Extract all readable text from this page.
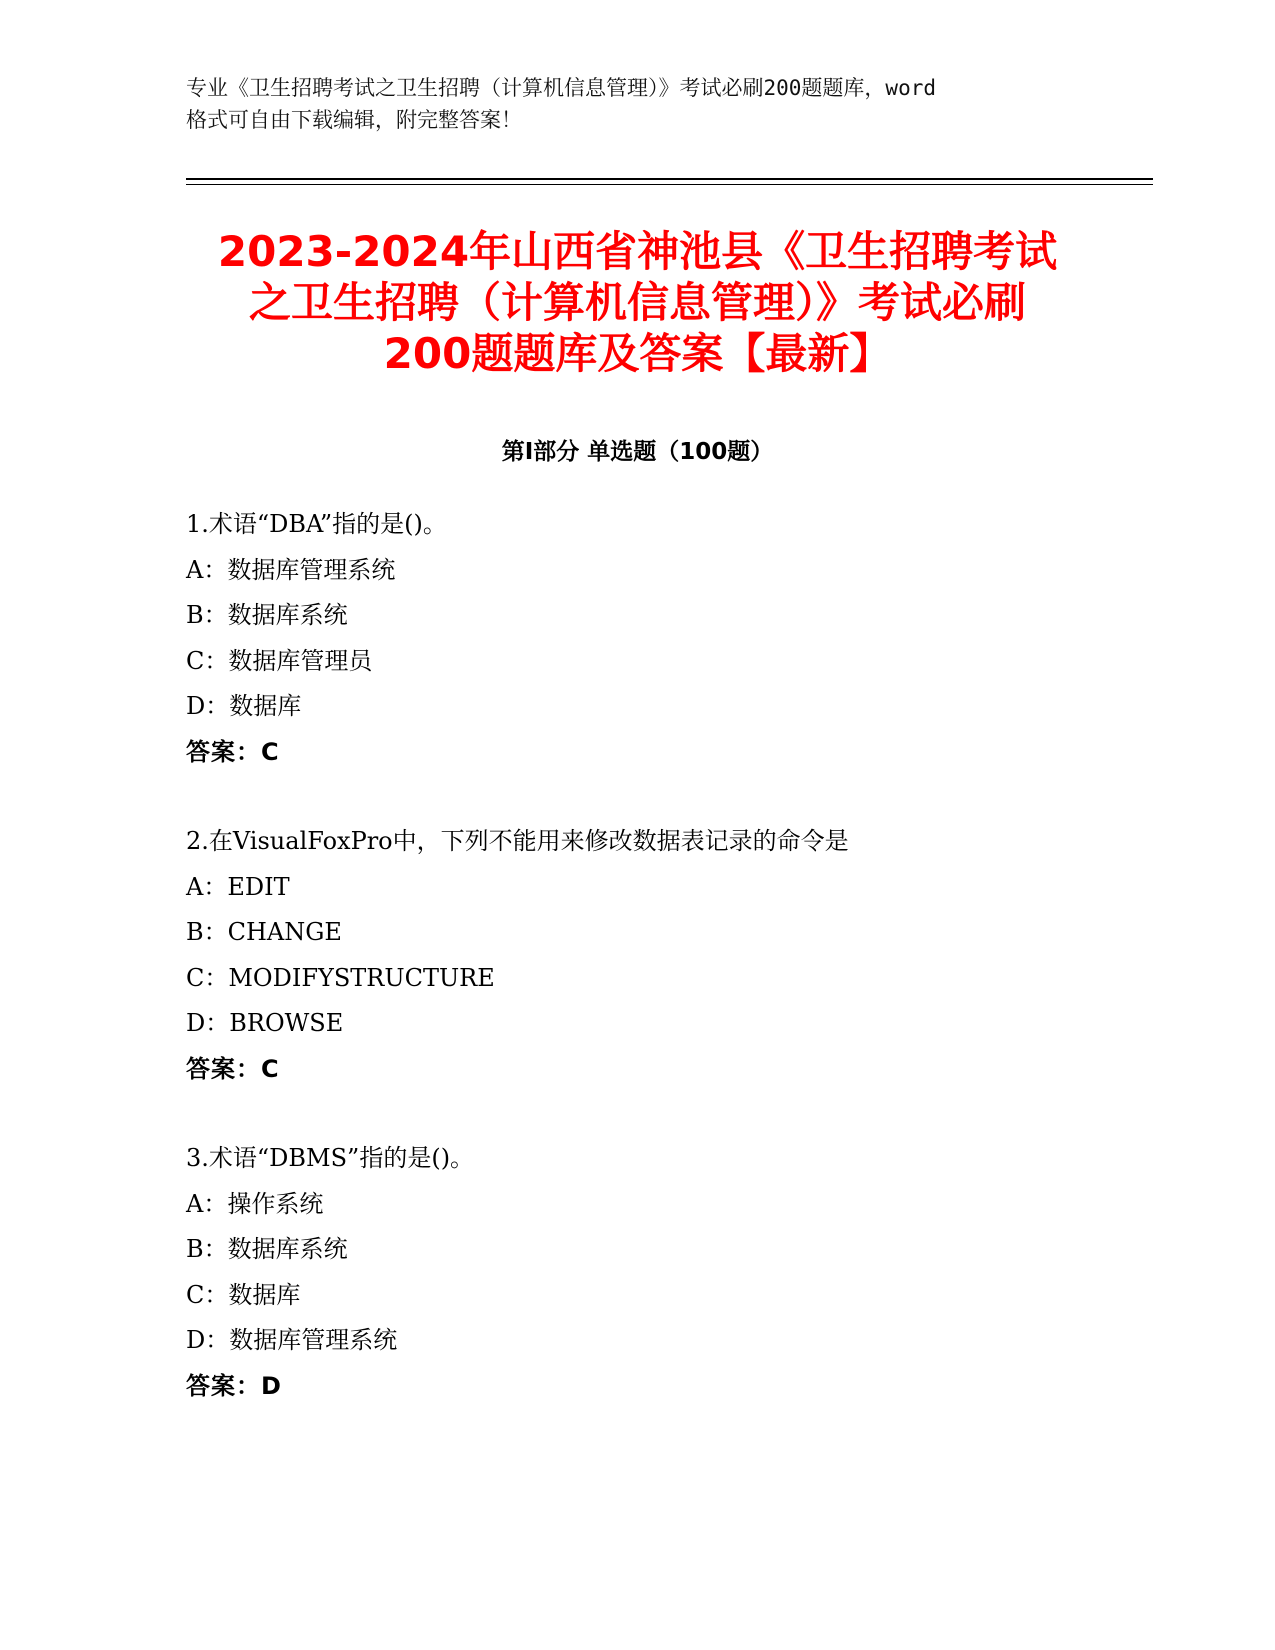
专业《卫生招聘考试之卫生招聘（计算机信息管理）》考试必刷200题题库，word
格式可自由下载编辑，附完整答案！
2023-2024年山西省神池县《卫生招聘考试
之卫生招聘（计算机信息管理）》考试必刷
200题题库及答案【最新】
第Ⅰ部分 单选题（100题）
1.术语“DBA”指的是()。
A：数据库管理系统
B：数据库系统
C：数据库管理员
D：数据库
答案：C
2.在VisualFoxPro中，下列不能用来修改数据表记录的命令是
A：EDIT
B：CHANGE
C：MODIFYSTRUCTURE
D：BROWSE
答案：C
3.术语“DBMS”指的是()。
A：操作系统
B：数据库系统
C：数据库
D：数据库管理系统
答案：D
